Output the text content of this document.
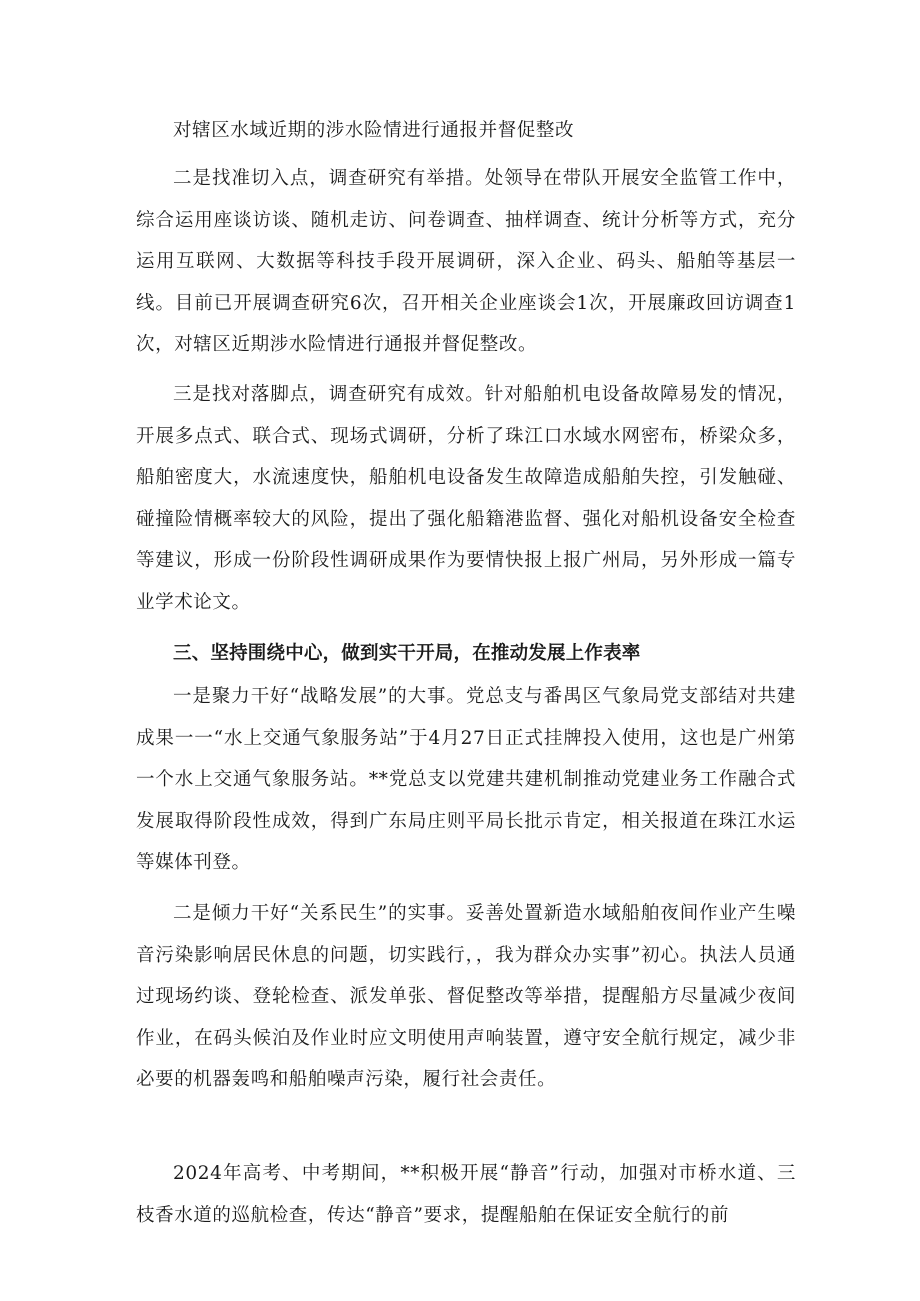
对辖区水域近期的涉水险情进行通报并督促整改

二是找准切入点，调查研究有举措。处领导在带队开展安全监管工作中，综合运用座谈访谈、随机走访、问卷调查、抽样调查、统计分析等方式，充分运用互联网、大数据等科技手段开展调研，深入企业、码头、船舶等基层一线。目前已开展调查研究6次，召开相关企业座谈会1次，开展廉政回访调查1次，对辖区近期涉水险情进行通报并督促整改。

三是找对落脚点，调查研究有成效。针对船舶机电设备故障易发的情况，开展多点式、联合式、现场式调研，分析了珠江口水域水网密布，桥梁众多，船舶密度大，水流速度快，船舶机电设备发生故障造成船舶失控，引发触碰、碰撞险情概率较大的风险，提出了强化船籍港监督、强化对船机设备安全检查等建议，形成一份阶段性调研成果作为要情快报上报广州局，另外形成一篇专业学术论文。

三、坚持围绕中心，做到实干开局，在推动发展上作表率

一是聚力干好“战略发展”的大事。党总支与番禺区气象局党支部结对共建成果一一“水上交通气象服务站”于4月27日正式挂牌投入使用，这也是广州第一个水上交通气象服务站。**党总支以党建共建机制推动党建业务工作融合式发展取得阶段性成效，得到广东局庄则平局长批示肯定，相关报道在珠江水运等媒体刊登。

二是倾力干好“关系民生”的实事。妥善处置新造水域船舶夜间作业产生噪音污染影响居民休息的问题，切实践行，，我为群众办实事”初心。执法人员通过现场约谈、登轮检查、派发单张、督促整改等举措，提醒船方尽量减少夜间作业，在码头候泊及作业时应文明使用声响装置，遵守安全航行规定，减少非必要的机器轰鸣和船舶噪声污染，履行社会责任。

2024年高考、中考期间，**积极开展“静音”行动，加强对市桥水道、三枝香水道的巡航检查，传达“静音”要求，提醒船舶在保证安全航行的前
